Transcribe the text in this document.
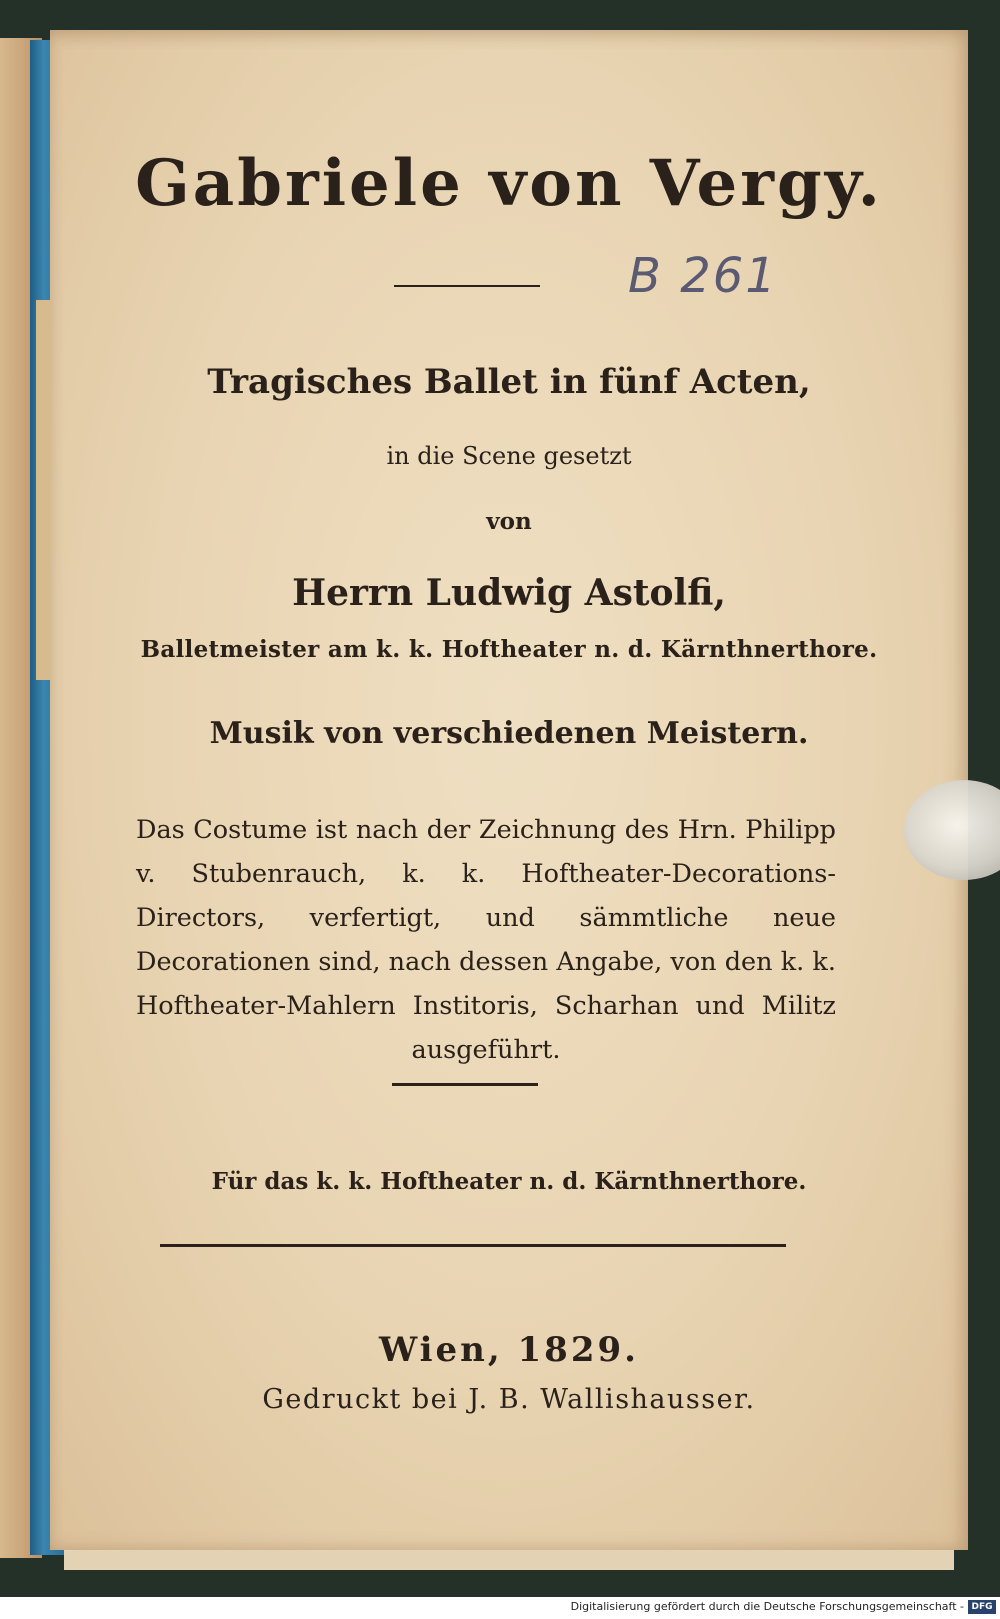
Gabriele von Vergy.
B 261

Tragisches Ballet in fünf Acten,

in die Scene gesetzt

von

Herrn Ludwig Astolfi,

Balletmeister am k. k. Hoftheater n. d. Kärnthnerthore.

Musik von verschiedenen Meistern.

Das Costume ist nach der Zeichnung des Hrn. Philipp v. Stubenrauch, k. k. Hoftheater-Decorations-Directors, verfertigt, und sämmtliche neue Decorationen sind, nach dessen Angabe, von den k. k. Hoftheater-Mahlern Institoris, Scharhan und Militz ausgeführt.

Für das k. k. Hoftheater n. d. Kärnthnerthore.

Wien, 1829.

Gedruckt bei J. B. Wallishausser.

Digitalisierung gefördert durch die Deutsche Forschungsgemeinschaft - DFG
